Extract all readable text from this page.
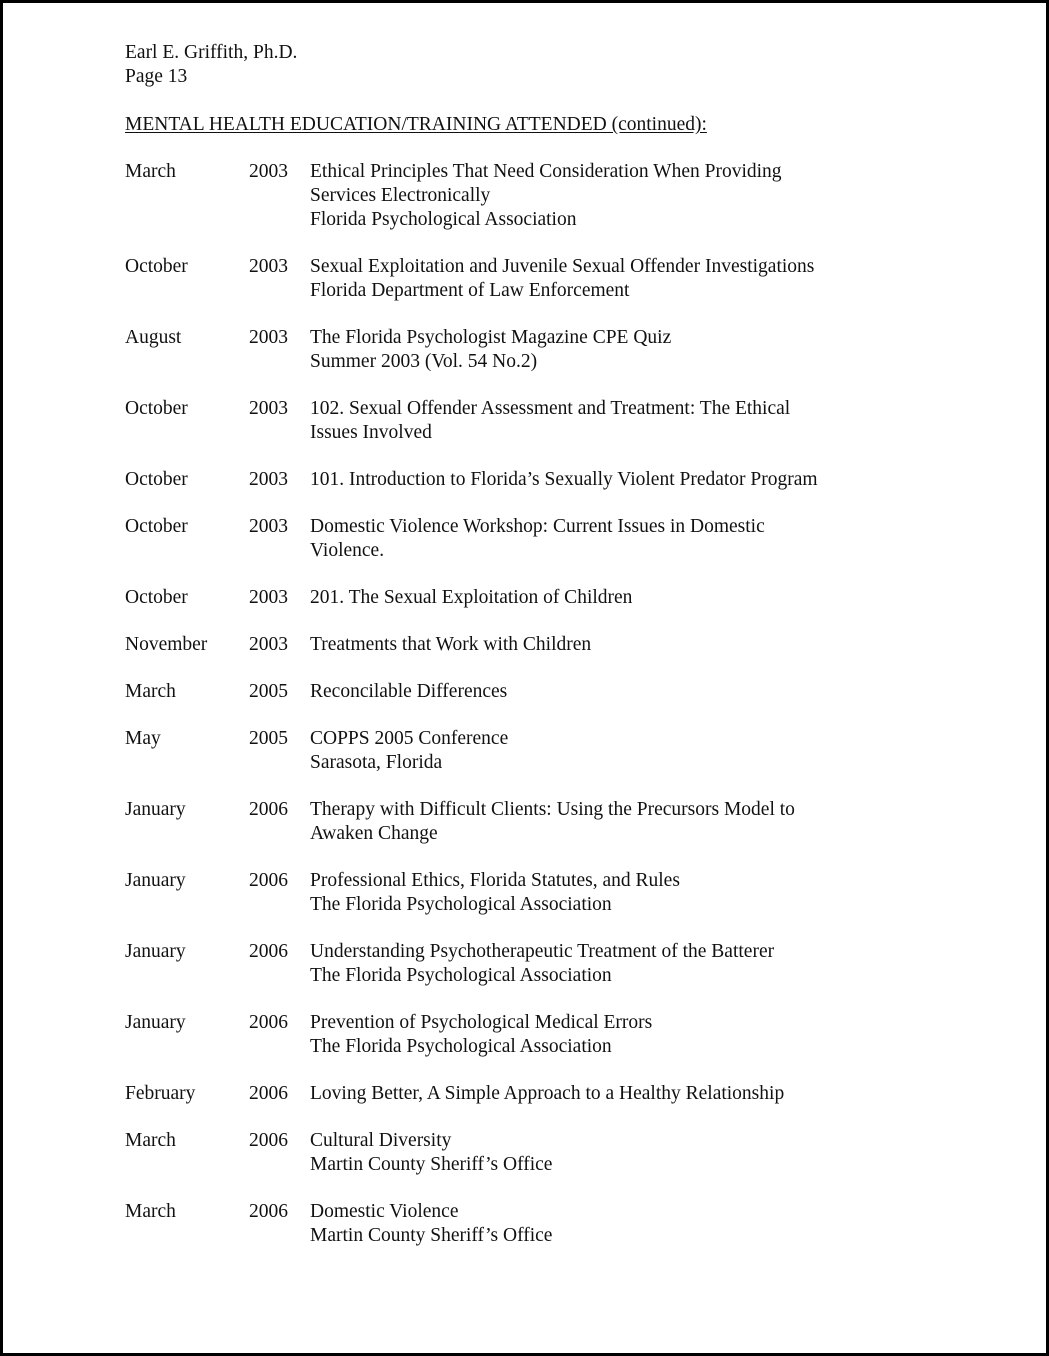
Earl E. Griffith, Ph.D.
Page 13
MENTAL HEALTH EDUCATION/TRAINING ATTENDED (continued):
March	2003	Ethical Principles That Need Consideration When Providing
Services Electronically
Florida Psychological Association
October	2003	Sexual Exploitation and Juvenile Sexual Offender Investigations
Florida Department of Law Enforcement
August	2003	The Florida Psychologist Magazine CPE Quiz
Summer 2003 (Vol. 54 No.2)
October	2003	102. Sexual Offender Assessment and Treatment: The Ethical
Issues Involved
October	2003	101. Introduction to Florida’s Sexually Violent Predator Program
October	2003	Domestic Violence Workshop: Current Issues in Domestic
Violence.
October	2003	201. The Sexual Exploitation of Children
November	2003	Treatments that Work with Children
March	2005	Reconcilable Differences
May	2005	COPPS 2005 Conference
Sarasota, Florida
January	2006	Therapy with Difficult Clients: Using the Precursors Model to
Awaken Change
January	2006	Professional Ethics, Florida Statutes, and Rules
The Florida Psychological Association
January	2006	Understanding Psychotherapeutic Treatment of the Batterer
The Florida Psychological Association
January	2006	Prevention of Psychological Medical Errors
The Florida Psychological Association
February	2006	Loving Better, A Simple Approach to a Healthy Relationship
March	2006	Cultural Diversity
Martin County Sheriff’s Office
March	2006	Domestic Violence
Martin County Sheriff’s Office
